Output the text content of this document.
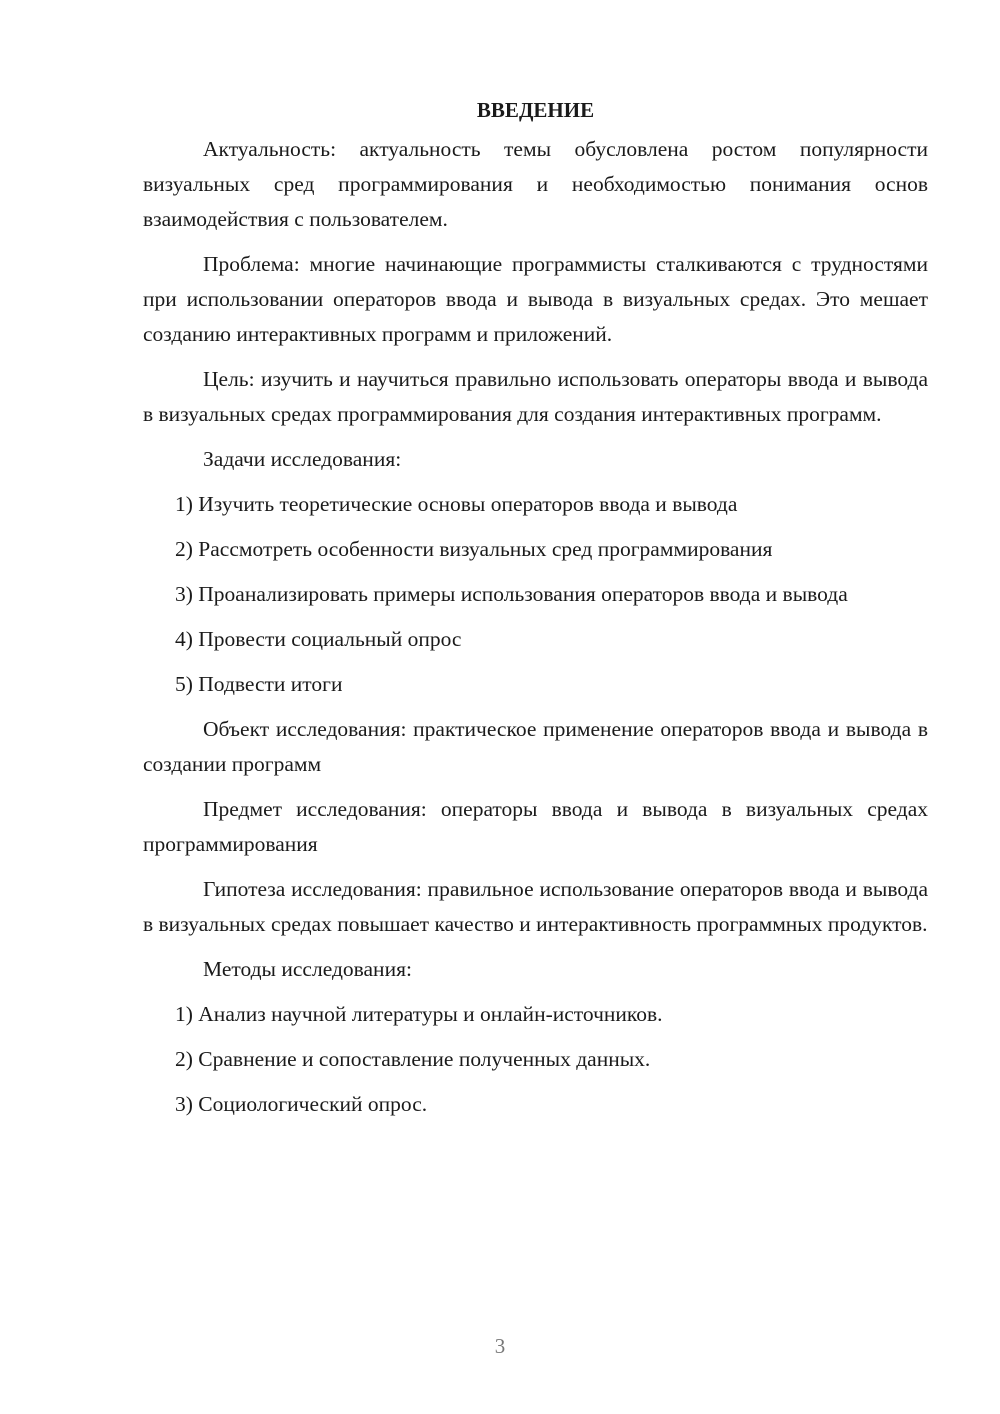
ВВЕДЕНИЕ

Актуальность: актуальность темы обусловлена ростом популярности визуальных сред программирования и необходимостью понимания основ взаимодействия с пользователем.

Проблема: многие начинающие программисты сталкиваются с трудностями при использовании операторов ввода и вывода в визуальных средах. Это мешает созданию интерактивных программ и приложений.

Цель: изучить и научиться правильно использовать операторы ввода и вывода в визуальных средах программирования для создания интерактивных программ.

Задачи исследования:

1) Изучить теоретические основы операторов ввода и вывода

2) Рассмотреть особенности визуальных сред программирования

3) Проанализировать примеры использования операторов ввода и вывода

4) Провести социальный опрос

5) Подвести итоги

Объект исследования: практическое применение операторов ввода и вывода в создании программ

Предмет исследования: операторы ввода и вывода в визуальных средах программирования

Гипотеза исследования: правильное использование операторов ввода и вывода в визуальных средах повышает качество и интерактивность программных продуктов.

Методы исследования:

1) Анализ научной литературы и онлайн-источников.

2) Сравнение и сопоставление полученных данных.

3) Социологический опрос.

3
